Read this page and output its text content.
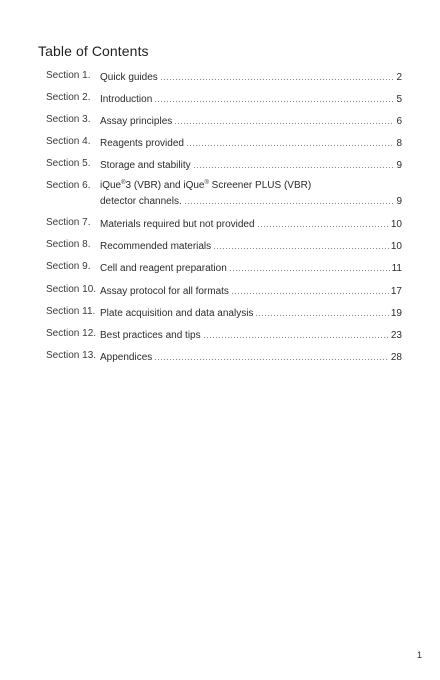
Table of Contents
Section 1. Quick guides	2
Section 2. Introduction	5
Section 3. Assay principles	6
Section 4. Reagents provided	8
Section 5. Storage and stability	9
Section 6. iQue®3 (VBR) and iQue® Screener PLUS (VBR)
detector channels.	9
Section 7. Materials required but not provided	10
Section 8. Recommended materials	10
Section 9. Cell and reagent preparation	11
Section 10. Assay protocol for all formats	17
Section 11. Plate acquisition and data analysis	19
Section 12. Best practices and tips	23
Section 13. Appendices	28
1
